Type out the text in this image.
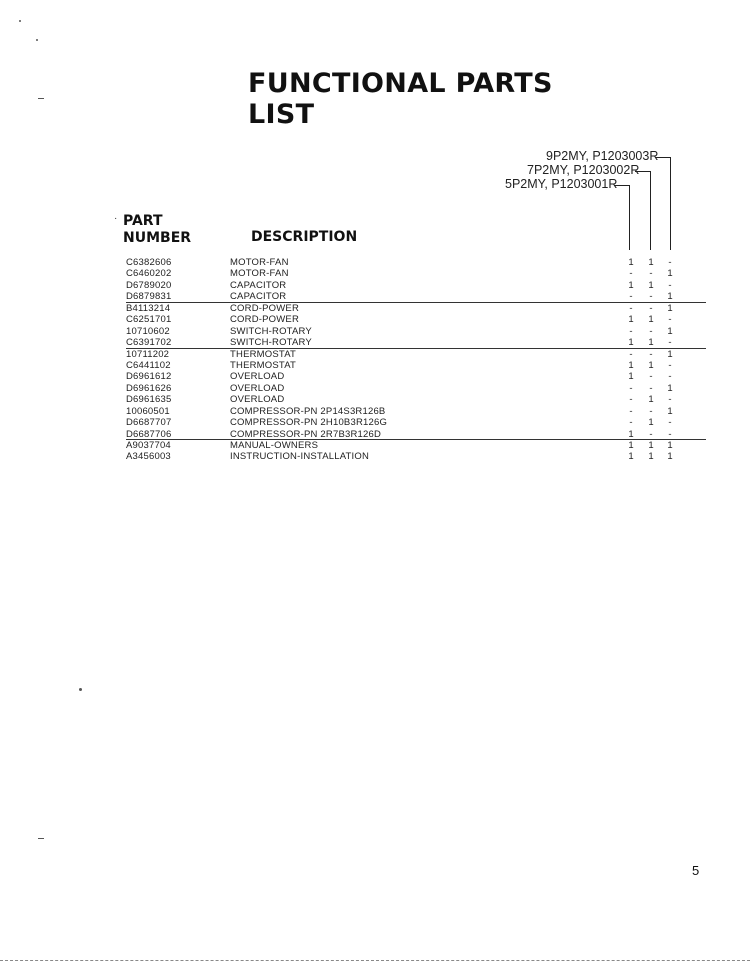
FUNCTIONAL PARTS LIST
9P2MY, P1203003R
7P2MY, P1203002R
5P2MY, P1203001R
· PART
NUMBER	DESCRIPTION
C6382606	MOTOR-FAN	1	1	-
C6460202	MOTOR-FAN	-	-	1
D6789020	CAPACITOR	1	1	-
D6879831	CAPACITOR	-	-	1
B4113214	CORD-POWER	-	-	1
C6251701	CORD-POWER	1	1	-
10710602	SWITCH-ROTARY	-	-	1
C6391702	SWITCH-ROTARY	1	1	-
10711202	THERMOSTAT	-	-	1
C6441102	THERMOSTAT	1	1	-
D6961612	OVERLOAD	1	-	-
D6961626	OVERLOAD	-	-	1
D6961635	OVERLOAD	-	1	-
10060501	COMPRESSOR-PN 2P14S3R126B	-	-	1
D6687707	COMPRESSOR-PN 2H10B3R126G	-	1	-
D6687706	COMPRESSOR-PN 2R7B3R126D	1	-	-
A9037704	MANUAL-OWNERS	1	1	1
A3456003	INSTRUCTION-INSTALLATION	1	1	1
5
